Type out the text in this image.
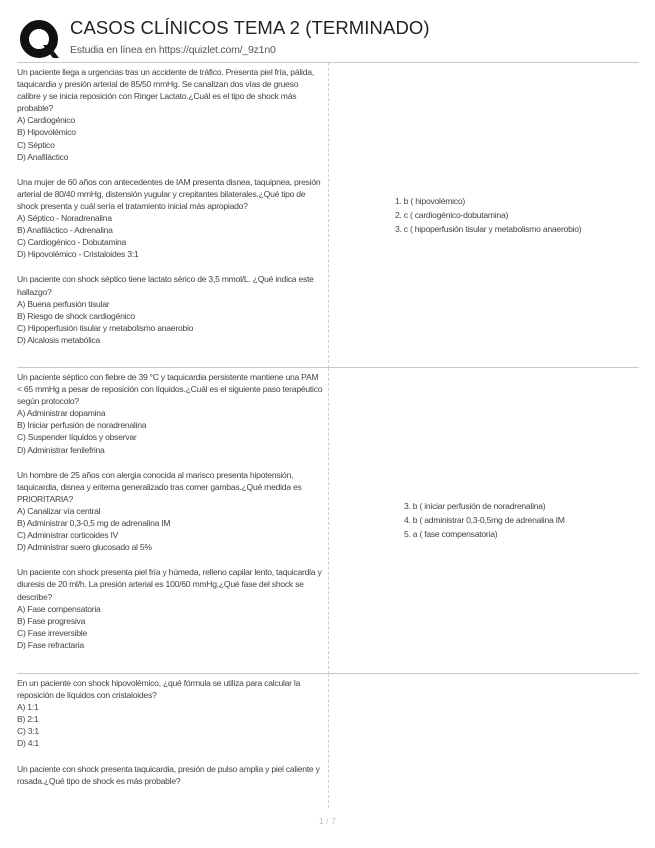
CASOS CLÍNICOS TEMA 2 (TERMINADO)
Estudia en línea en https://quizlet.com/_9z1n0
Un paciente llega a urgencias tras un accidente de tráfico. Presenta piel fría, pálida, taquicardia y presión arterial de 85/50 mmHg. Se canalizan dos vías de grueso calibre y se inicia reposición con Ringer Lactato.¿Cuál es el tipo de shock más probable?
A) Cardiogénico
B) Hipovolémico
C) Séptico
D) Anafiláctico
Una mujer de 60 años con antecedentes de IAM presenta disnea, taquipnea, presión arterial de 80/40 mmHg, distensión yugular y crepitantes bilaterales.¿Qué tipo de shock presenta y cuál sería el tratamiento inicial más apropiado?
A) Séptico - Noradrenalina
B) Anafiláctico - Adrenalina
C) Cardiogénico - Dobutamina
D) Hipovolémico - Cristaloides 3:1
Un paciente con shock séptico tiene lactato sérico de 3,5 mmol/L. ¿Qué indica este hallazgo?
A) Buena perfusión tisular
B) Riesgo de shock cardiogénico
C) Hipoperfusión tisular y metabolismo anaerobio
D) Alcalosis metabólica
1. b ( hipovolémico)
2. c ( cardiogénico-dobutamina)
3. c ( hipoperfusión tisular y metabolismo anaerobio)
Un paciente séptico con fiebre de 39 °C y taquicardia persistente mantiene una PAM < 65 mmHg a pesar de reposición con líquidos.¿Cuál es el siguiente paso terapéutico según protocolo?
A) Administrar dopamina
B) Iniciar perfusión de noradrenalina
C) Suspender líquidos y observar
D) Administrar fenilefrina
Un hombre de 25 años con alergia conocida al marisco presenta hipotensión, taquicardia, disnea y eritema generalizado tras comer gambas.¿Qué medida es PRIORITARIA?
A) Canalizar vía central
B) Administrar 0,3-0,5 mg de adrenalina IM
C) Administrar corticoides IV
D) Administrar suero glucosado al 5%
Un paciente con shock presenta piel fría y húmeda, relleno capilar lento, taquicardia y diuresis de 20 ml/h. La presión arterial es 100/60 mmHg.¿Qué fase del shock se describe?
A) Fase compensatoria
B) Fase progresiva
C) Fase irreversible
D) Fase refractaria
3. b ( iniciar perfusión de noradrenalina)
4. b ( administrar 0,3-0,5mg de adrenalina IM
5. a ( fase compensatoria)
En un paciente con shock hipovolémico, ¿qué fórmula se utiliza para calcular la reposición de líquidos con cristaloides?
A) 1:1
B) 2:1
C) 3:1
D) 4:1
Un paciente con shock presenta taquicardia, presión de pulso amplia y piel caliente y rosada.¿Qué tipo de shock es más probable?
1 / 7
